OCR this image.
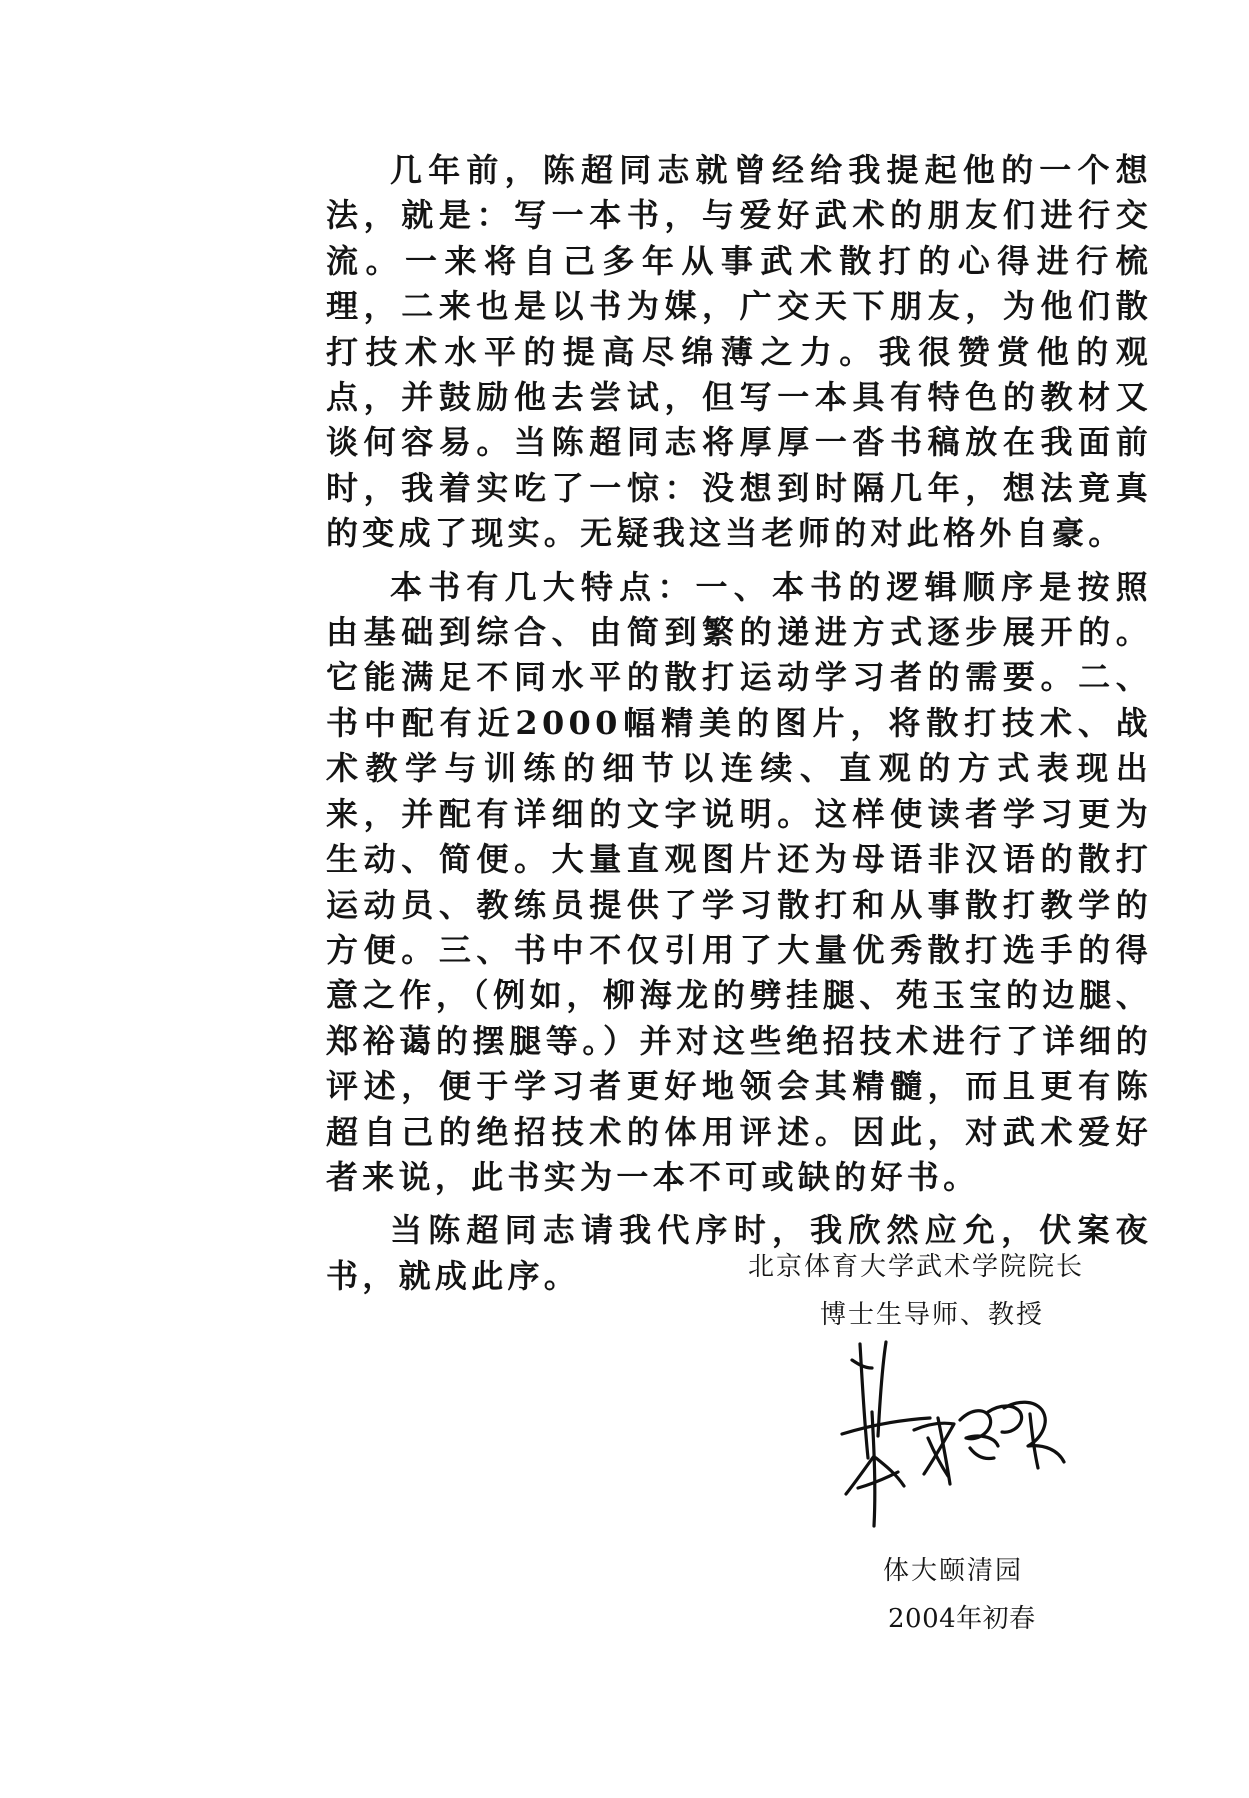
几年前，陈超同志就曾经给我提起他的一个想法，就是：写一本书，与爱好武术的朋友们进行交流。一来将自己多年从事武术散打的心得进行梳理，二来也是以书为媒，广交天下朋友，为他们散打技术水平的提高尽绵薄之力。我很赞赏他的观点，并鼓励他去尝试，但写一本具有特色的教材又谈何容易。当陈超同志将厚厚一沓书稿放在我面前时，我着实吃了一惊：没想到时隔几年，想法竟真的变成了现实。无疑我这当老师的对此格外自豪。

本书有几大特点：一、本书的逻辑顺序是按照由基础到综合、由简到繁的递进方式逐步展开的。它能满足不同水平的散打运动学习者的需要。二、书中配有近2000幅精美的图片，将散打技术、战术教学与训练的细节以连续、直观的方式表现出来，并配有详细的文字说明。这样使读者学习更为生动、简便。大量直观图片还为母语非汉语的散打运动员、教练员提供了学习散打和从事散打教学的方便。三、书中不仅引用了大量优秀散打选手的得意之作，（例如，柳海龙的劈挂腿、苑玉宝的边腿、郑裕蔼的摆腿等。）并对这些绝招技术进行了详细的评述，便于学习者更好地领会其精髓，而且更有陈超自己的绝招技术的体用评述。因此，对武术爱好者来说，此书实为一本不可或缺的好书。

当陈超同志请我代序时，我欣然应允，伏案夜书，就成此序。	北京体育大学武术学院院长
博士生导师、教授
体大颐清园
2004年初春
